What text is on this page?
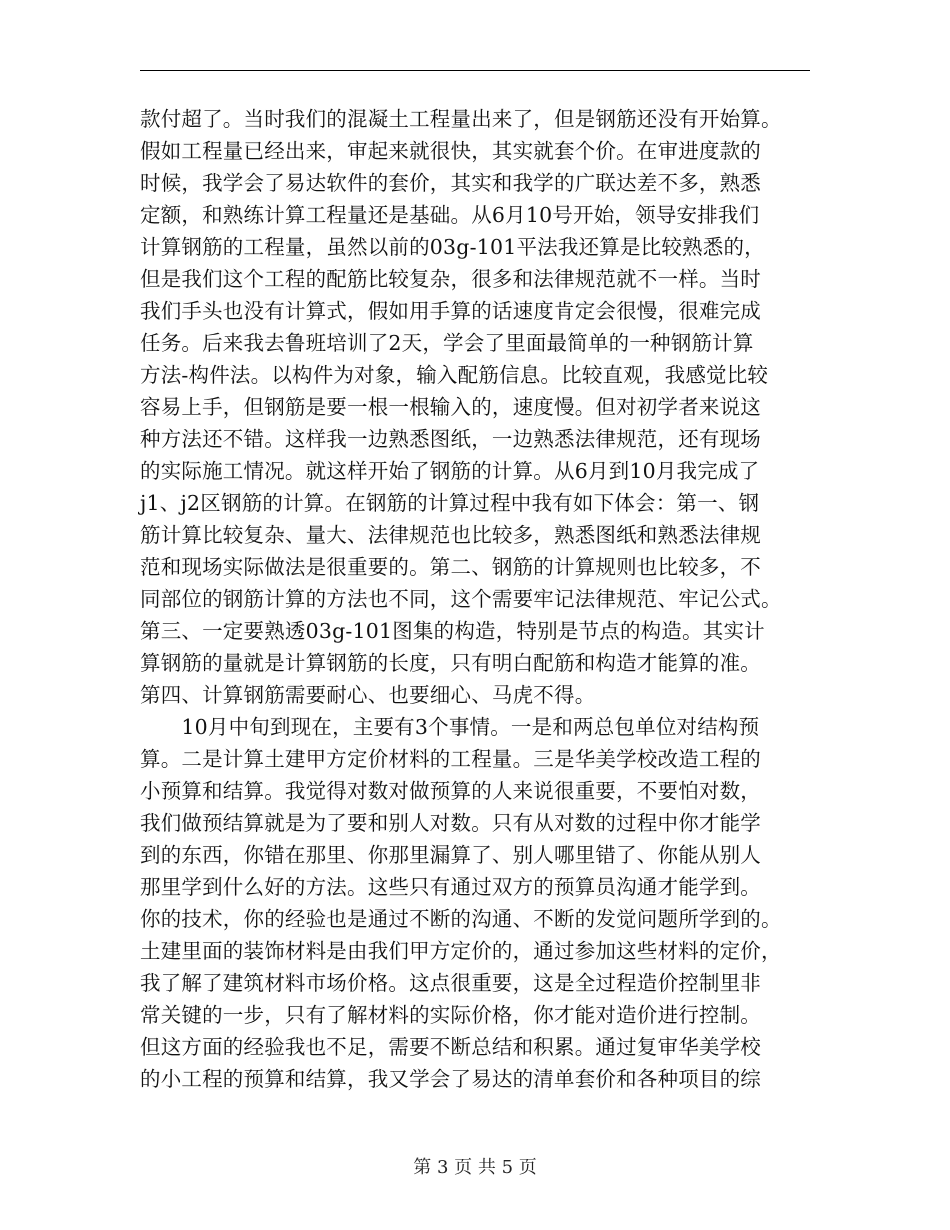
款付超了。当时我们的混凝土工程量出来了，但是钢筋还没有开始算。
假如工程量已经出来，审起来就很快，其实就套个价。在审进度款的
时候，我学会了易达软件的套价，其实和我学的广联达差不多，熟悉
定额，和熟练计算工程量还是基础。从6月10号开始，领导安排我们
计算钢筋的工程量，虽然以前的03g-101平法我还算是比较熟悉的，
但是我们这个工程的配筋比较复杂，很多和法律规范就不一样。当时
我们手头也没有计算式，假如用手算的话速度肯定会很慢，很难完成
任务。后来我去鲁班培训了2天，学会了里面最简单的一种钢筋计算
方法-构件法。以构件为对象，输入配筋信息。比较直观，我感觉比较
容易上手，但钢筋是要一根一根输入的，速度慢。但对初学者来说这
种方法还不错。这样我一边熟悉图纸，一边熟悉法律规范，还有现场
的实际施工情况。就这样开始了钢筋的计算。从6月到10月我完成了
j1、j2区钢筋的计算。在钢筋的计算过程中我有如下体会：第一、钢
筋计算比较复杂、量大、法律规范也比较多，熟悉图纸和熟悉法律规
范和现场实际做法是很重要的。第二、钢筋的计算规则也比较多，不
同部位的钢筋计算的方法也不同，这个需要牢记法律规范、牢记公式。
第三、一定要熟透03g-101图集的构造，特别是节点的构造。其实计
算钢筋的量就是计算钢筋的长度，只有明白配筋和构造才能算的准。
第四、计算钢筋需要耐心、也要细心、马虎不得。
　　10月中旬到现在，主要有3个事情。一是和两总包单位对结构预
算。二是计算土建甲方定价材料的工程量。三是华美学校改造工程的
小预算和结算。我觉得对数对做预算的人来说很重要，不要怕对数，
我们做预结算就是为了要和别人对数。只有从对数的过程中你才能学
到的东西，你错在那里、你那里漏算了、别人哪里错了、你能从别人
那里学到什么好的方法。这些只有通过双方的预算员沟通才能学到。
你的技术，你的经验也是通过不断的沟通、不断的发觉问题所学到的。
土建里面的装饰材料是由我们甲方定价的，通过参加这些材料的定价，
我了解了建筑材料市场价格。这点很重要，这是全过程造价控制里非
常关键的一步，只有了解材料的实际价格，你才能对造价进行控制。
但这方面的经验我也不足，需要不断总结和积累。通过复审华美学校
的小工程的预算和结算，我又学会了易达的清单套价和各种项目的综
第 3 页 共 5 页
